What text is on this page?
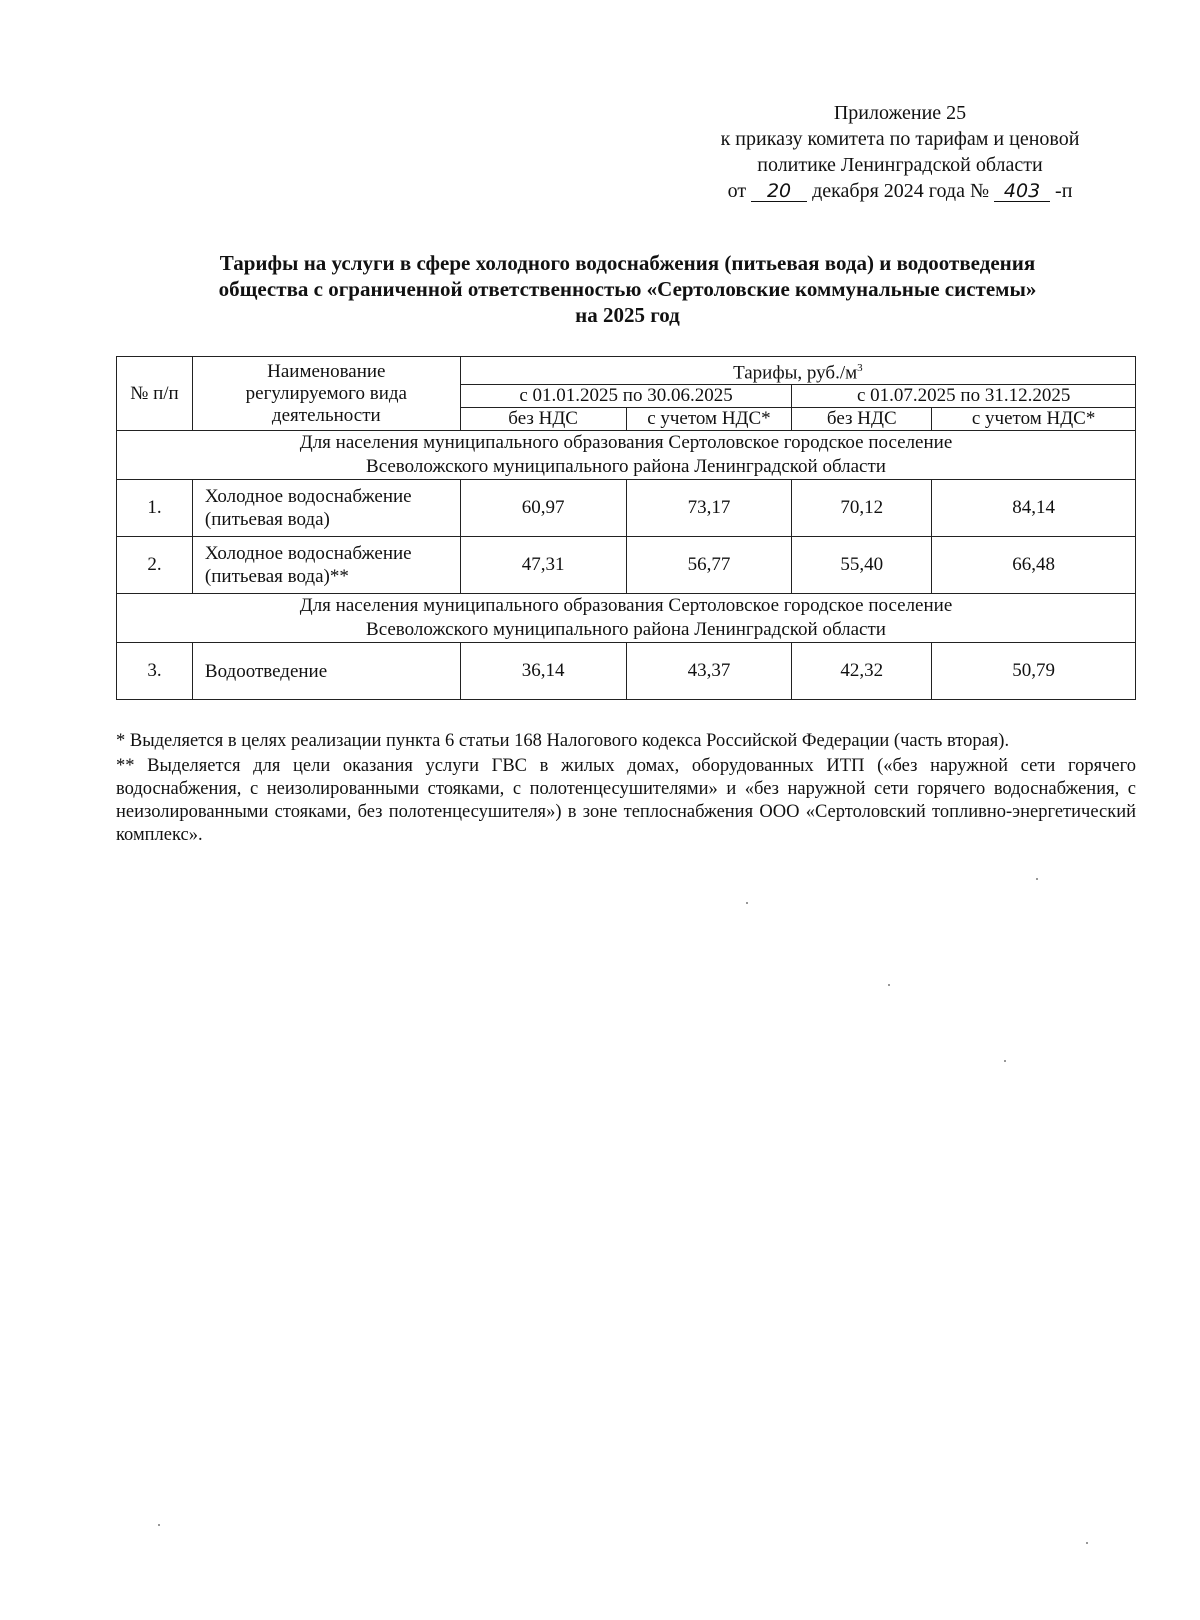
Приложение 25
к приказу комитета по тарифам и ценовой
политике Ленинградской области
от 20 декабря 2024 года № 403 -п
Тарифы на услуги в сфере холодного водоснабжения (питьевая вода) и водоотведения
общества с ограниченной ответственностью «Сертоловские коммунальные системы»
на 2025 год
№ п/п	Наименование регулируемого вида деятельности	Тарифы, $руб./м^3$
		с 01.01.2025 по 30.06.2025		с 01.07.2025 по 31.12.2025	
		без НДС	с учетом НДС*	без НДС	с учетом НДС*

Для населения муниципального образования Сертоловское городское поселение
Всеволожского муниципального района Ленинградской области					

1.	Холодное водоснабжение (питьевая вода)	60,97	73,17	70,12	84,14
2.	Холодное водоснабжение (питьевая вода)**	47,31	56,77	55,40	66,48

Для населения муниципального образования Сертоловское городское поселение
Всеволожского муниципального района Ленинградской области					

3.	Водоотведение	36,14	43,37	42,32	50,79

* Выделяется в целях реализации пункта 6 статьи 168 Налогового кодекса Российской Федерации (часть вторая).

** Выделяется для цели оказания услуги ГВС в жилых домах, оборудованных ИТП («без наружной сети горячего водоснабжения, с неизолированными стояками, с полотенцесушителями» и «без наружной сети горячего водоснабжения, с неизолированными стояками, без полотенцесушителя») в зоне теплоснабжения ООО «Сертоловский топливно-энергетический комплекс».
